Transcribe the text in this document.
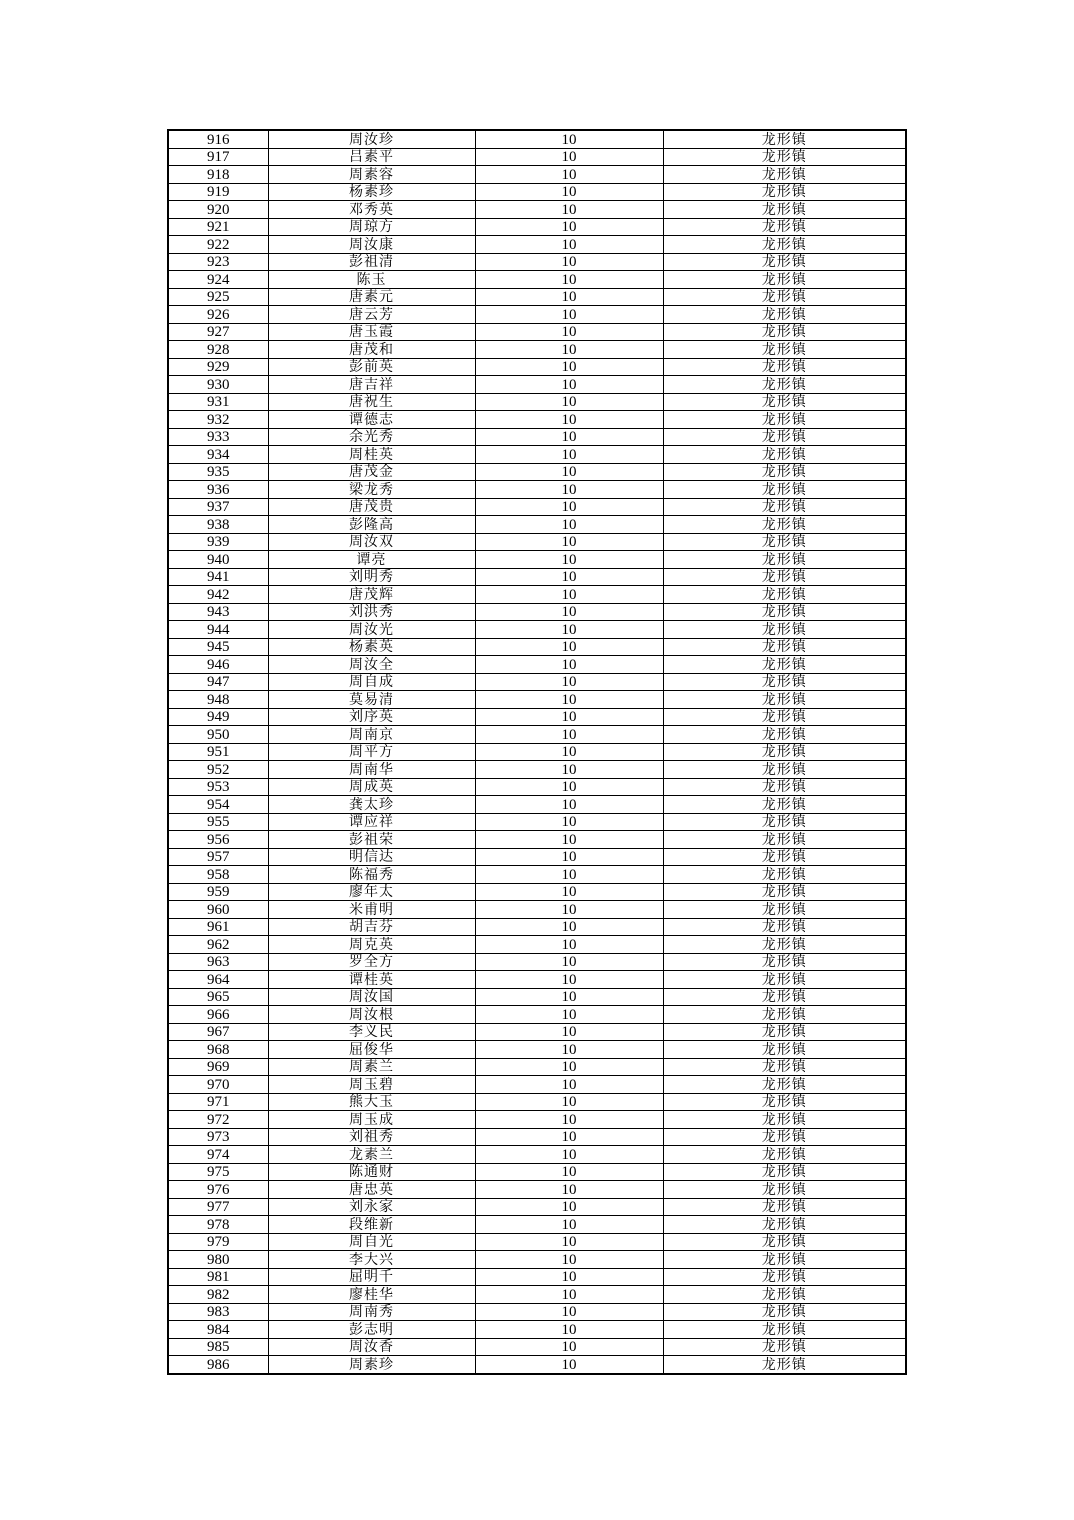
916	周汝珍	10	龙形镇
917	吕素平	10	龙形镇
918	周素容	10	龙形镇
919	杨素珍	10	龙形镇
920	邓秀英	10	龙形镇
921	周琼方	10	龙形镇
922	周汝康	10	龙形镇
923	彭祖清	10	龙形镇
924	陈玉	10	龙形镇
925	唐素元	10	龙形镇
926	唐云芳	10	龙形镇
927	唐玉霞	10	龙形镇
928	唐茂和	10	龙形镇
929	彭前英	10	龙形镇
930	唐吉祥	10	龙形镇
931	唐祝生	10	龙形镇
932	谭德志	10	龙形镇
933	余光秀	10	龙形镇
934	周桂英	10	龙形镇
935	唐茂金	10	龙形镇
936	梁龙秀	10	龙形镇
937	唐茂贵	10	龙形镇
938	彭隆高	10	龙形镇
939	周汝双	10	龙形镇
940	谭亮	10	龙形镇
941	刘明秀	10	龙形镇
942	唐茂辉	10	龙形镇
943	刘洪秀	10	龙形镇
944	周汝光	10	龙形镇
945	杨素英	10	龙形镇
946	周汝全	10	龙形镇
947	周自成	10	龙形镇
948	莫易清	10	龙形镇
949	刘序英	10	龙形镇
950	周南京	10	龙形镇
951	周平方	10	龙形镇
952	周南华	10	龙形镇
953	周成英	10	龙形镇
954	龚太珍	10	龙形镇
955	谭应祥	10	龙形镇
956	彭祖荣	10	龙形镇
957	明信达	10	龙形镇
958	陈福秀	10	龙形镇
959	廖年太	10	龙形镇
960	米甫明	10	龙形镇
961	胡吉芬	10	龙形镇
962	周克英	10	龙形镇
963	罗全方	10	龙形镇
964	谭桂英	10	龙形镇
965	周汝国	10	龙形镇
966	周汝根	10	龙形镇
967	李义民	10	龙形镇
968	屈俊华	10	龙形镇
969	周素兰	10	龙形镇
970	周玉碧	10	龙形镇
971	熊大玉	10	龙形镇
972	周玉成	10	龙形镇
973	刘祖秀	10	龙形镇
974	龙素兰	10	龙形镇
975	陈通财	10	龙形镇
976	唐忠英	10	龙形镇
977	刘永家	10	龙形镇
978	段维新	10	龙形镇
979	周自光	10	龙形镇
980	李大兴	10	龙形镇
981	屈明千	10	龙形镇
982	廖桂华	10	龙形镇
983	周南秀	10	龙形镇
984	彭志明	10	龙形镇
985	周汝香	10	龙形镇
986	周素珍	10	龙形镇
